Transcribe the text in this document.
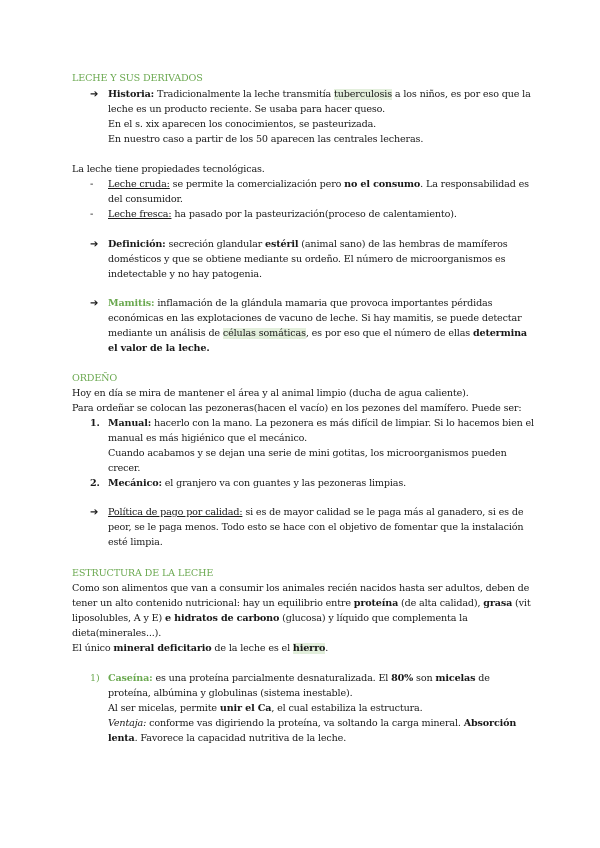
LECHE Y SUS DERIVADOS
➔ Historia: Tradicionalmente la leche transmitía tuberculosis a los niños, es por eso que la
leche es un producto reciente. Se usaba para hacer queso.
En el s. xix aparecen los conocimientos, se pasteurizada.
En nuestro caso a partir de los 50 aparecen las centrales lecheras.
La leche tiene propiedades tecnológicas.
- Leche cruda: se permite la comercialización pero no el consumo. La responsabilidad es
del consumidor.
- Leche fresca: ha pasado por la pasteurización(proceso de calentamiento).
➔ Definición: secreción glandular estéril (animal sano) de las hembras de mamíferos
domésticos y que se obtiene mediante su ordeño. El número de microorganismos es
indetectable y no hay patogenia.
➔ Mamitis: inflamación de la glándula mamaria que provoca importantes pérdidas
económicas en las explotaciones de vacuno de leche. Si hay mamitis, se puede detectar
mediante un análisis de células somáticas, es por eso que el número de ellas determina
el valor de la leche.
ORDEÑO
Hoy en día se mira de mantener el área y al animal limpio (ducha de agua caliente).
Para ordeñar se colocan las pezoneras(hacen el vacío) en los pezones del mamífero. Puede ser:
1. Manual: hacerlo con la mano. La pezonera es más difícil de limpiar. Si lo hacemos bien el
manual es más higiénico que el mecánico.
Cuando acabamos y se dejan una serie de mini gotitas, los microorganismos pueden
crecer.
2. Mecánico: el granjero va con guantes y las pezoneras limpias.
➔ Política de pago por calidad: si es de mayor calidad se le paga más al ganadero, si es de
peor, se le paga menos. Todo esto se hace con el objetivo de fomentar que la instalación
esté limpia.
ESTRUCTURA DE LA LECHE
Como son alimentos que van a consumir los animales recién nacidos hasta ser adultos, deben de
tener un alto contenido nutricional: hay un equilibrio entre proteína (de alta calidad), grasa (vit
liposolubles, A y E) e hidratos de carbono (glucosa) y líquido que complementa la
dieta(minerales...).
El único mineral deficitario de la leche es el hierro.
1) Caseína: es una proteína parcialmente desnaturalizada. El 80% son micelas de
proteína, albúmina y globulinas (sistema inestable).
Al ser micelas, permite unir el Ca, el cual estabiliza la estructura.
Ventaja: conforme vas digiriendo la proteína, va soltando la carga mineral. Absorción
lenta. Favorece la capacidad nutritiva de la leche.
